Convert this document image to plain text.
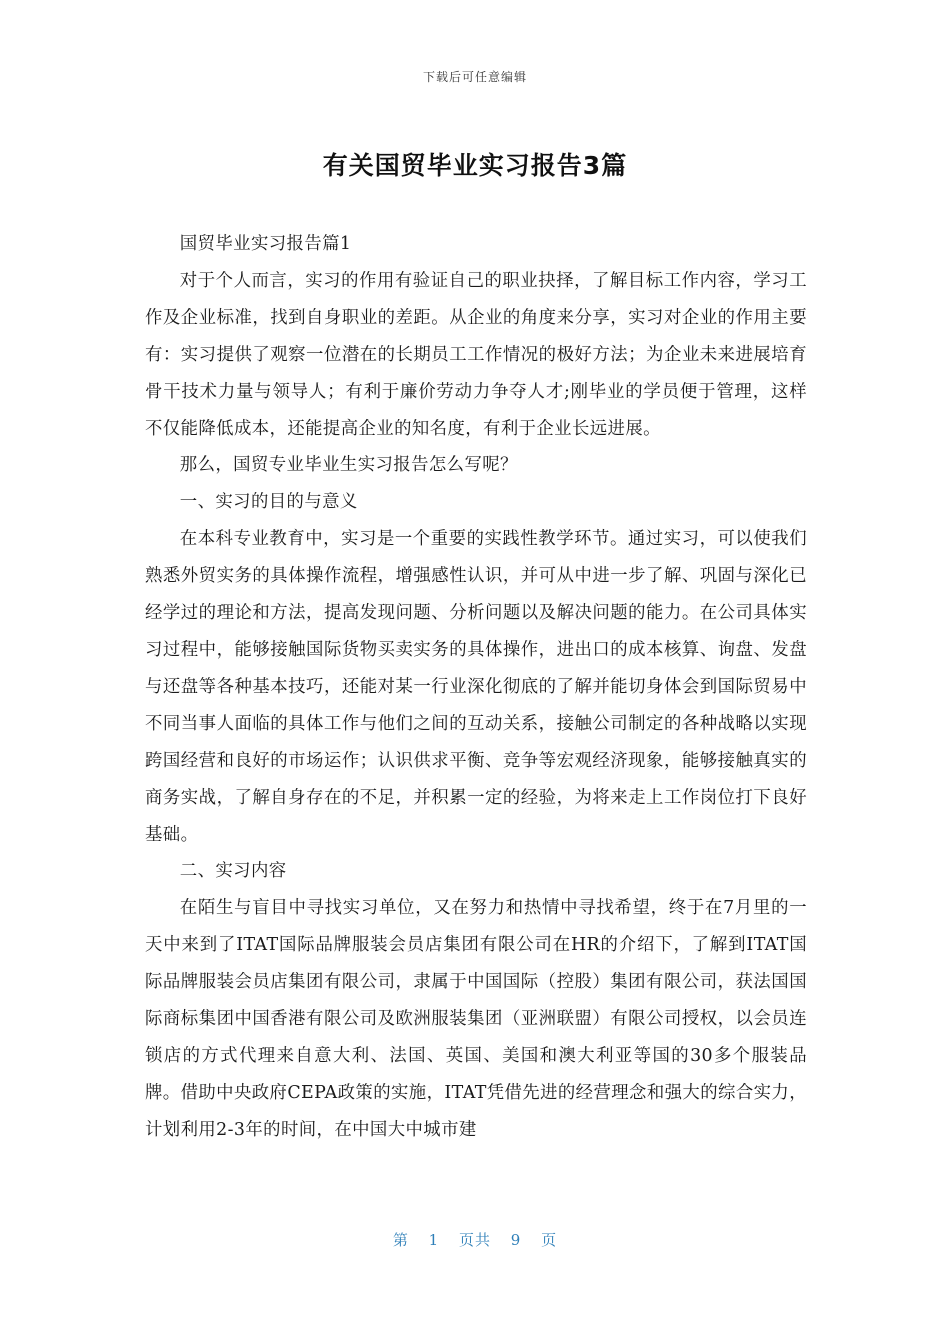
下载后可任意编辑
有关国贸毕业实习报告3篇

国贸毕业实习报告篇1

对于个人而言，实习的作用有验证自己的职业抉择，了解目标工作内容，学习工作及企业标准，找到自身职业的差距。从企业的角度来分享，实习对企业的作用主要有：实习提供了观察一位潜在的长期员工工作情况的极好方法；为企业未来进展培育骨干技术力量与领导人；有利于廉价劳动力争夺人才;刚毕业的学员便于管理，这样不仅能降低成本，还能提高企业的知名度，有利于企业长远进展。

那么，国贸专业毕业生实习报告怎么写呢？

一、实习的目的与意义

在本科专业教育中，实习是一个重要的实践性教学环节。通过实习，可以使我们熟悉外贸实务的具体操作流程，增强感性认识，并可从中进一步了解、巩固与深化已经学过的理论和方法，提高发现问题、分析问题以及解决问题的能力。在公司具体实习过程中，能够接触国际货物买卖实务的具体操作，进出口的成本核算、询盘、发盘与还盘等各种基本技巧，还能对某一行业深化彻底的了解并能切身体会到国际贸易中不同当事人面临的具体工作与他们之间的互动关系，接触公司制定的各种战略以实现跨国经营和良好的市场运作；认识供求平衡、竞争等宏观经济现象，能够接触真实的商务实战，了解自身存在的不足，并积累一定的经验，为将来走上工作岗位打下良好基础。

二、实习内容

在陌生与盲目中寻找实习单位，又在努力和热情中寻找希望，终于在7月里的一天中来到了ITAT国际品牌服装会员店集团有限公司在HR的介绍下，了解到ITAT国际品牌服装会员店集团有限公司，隶属于中国国际（控股）集团有限公司，获法国国际商标集团中国香港有限公司及欧洲服装集团（亚洲联盟）有限公司授权，以会员连锁店的方式代理来自意大利、法国、英国、美国和澳大利亚等国的30多个服装品牌。借助中央政府CEPA政策的实施，ITAT凭借先进的经营理念和强大的综合实力，计划利用2-3年的时间，在中国大中城市建

第 1 页共 9 页
